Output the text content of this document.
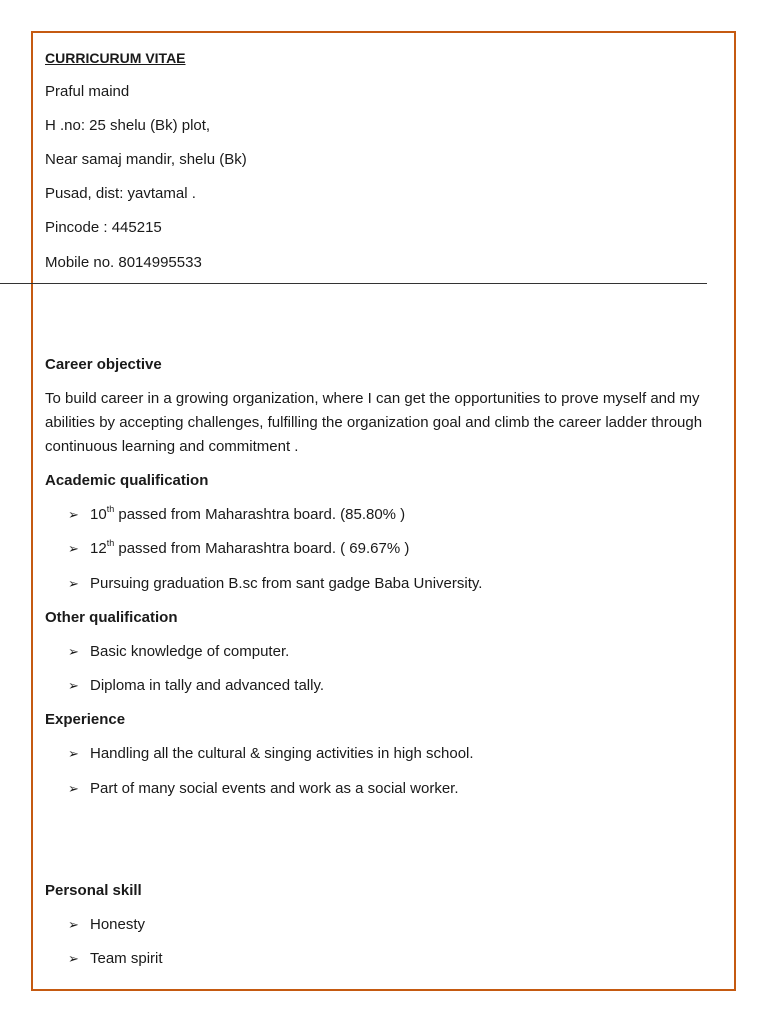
CURRICURUM VITAE
Praful maind
H .no: 25 shelu (Bk) plot,
Near samaj mandir, shelu (Bk)
Pusad, dist: yavtamal .
Pincode : 445215
Mobile no. 8014995533
Career objective
To build career in a growing organization, where I can get the opportunities to prove myself and my abilities by accepting challenges, fulfilling the organization goal and climb the career ladder through continuous learning and commitment .
Academic qualification
➢ 10th passed from Maharashtra board. (85.80% )
➢ 12th passed from Maharashtra board. ( 69.67% )
➢ Pursuing graduation B.sc from sant gadge Baba University.
Other qualification
➢ Basic knowledge of computer.
➢ Diploma in tally and advanced tally.
Experience
➢ Handling all the cultural & singing activities in high school.
➢ Part of many social events and work as a social worker.
Personal skill
➢ Honesty
➢ Team spirit
